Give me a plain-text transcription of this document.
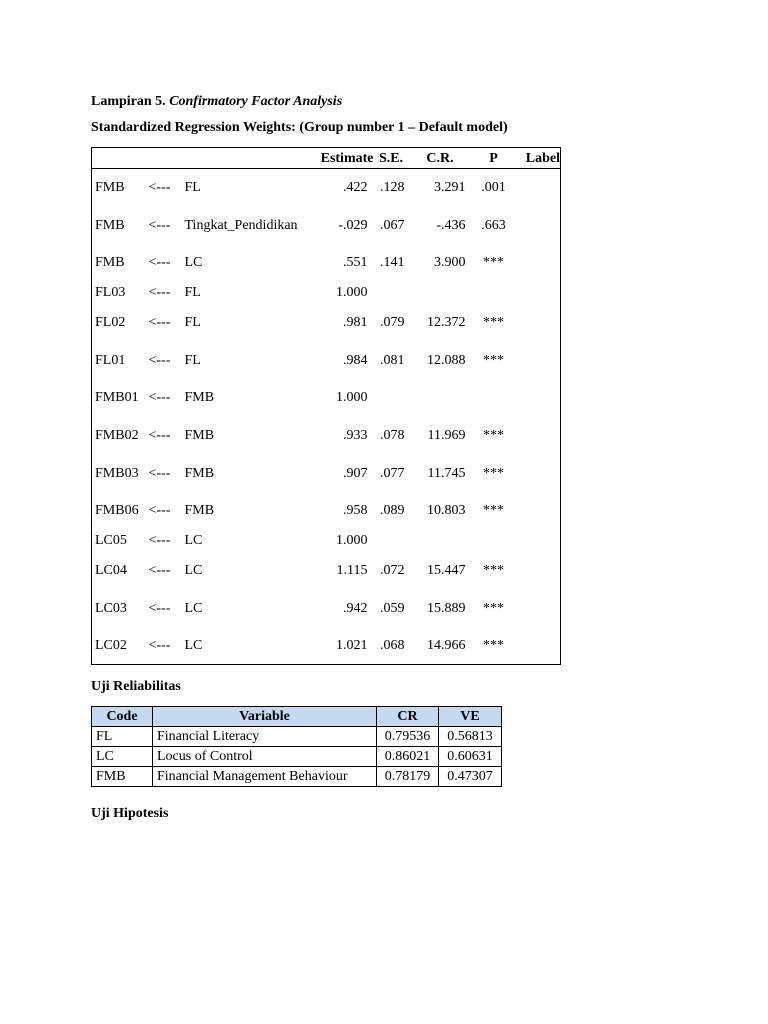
Lampiran 5. Confirmatory Factor Analysis
Standardized Regression Weights: (Group number 1 – Default model)
			Estimate	S.E.	C.R.	P	Label
FMB	<---	FL	.422	.128	3.291	.001	
FMB	<---	Tingkat_Pendidikan	-.029	.067	-.436	.663	
FMB	<---	LC	.551	.141	3.900	***	
FL03	<---	FL	1.000				
FL02	<---	FL	.981	.079	12.372	***	
FL01	<---	FL	.984	.081	12.088	***	
FMB01	<---	FMB	1.000				
FMB02	<---	FMB	.933	.078	11.969	***	
FMB03	<---	FMB	.907	.077	11.745	***	
FMB06	<---	FMB	.958	.089	10.803	***	
LC05	<---	LC	1.000				
LC04	<---	LC	1.115	.072	15.447	***	
LC03	<---	LC	.942	.059	15.889	***	
LC02	<---	LC	1.021	.068	14.966	***	
Uji Reliabilitas
Code	Variable	CR	VE
FL	Financial Literacy	0.79536	0.56813
LC	Locus of Control	0.86021	0.60631
FMB	Financial Management Behaviour	0.78179	0.47307
Uji Hipotesis
